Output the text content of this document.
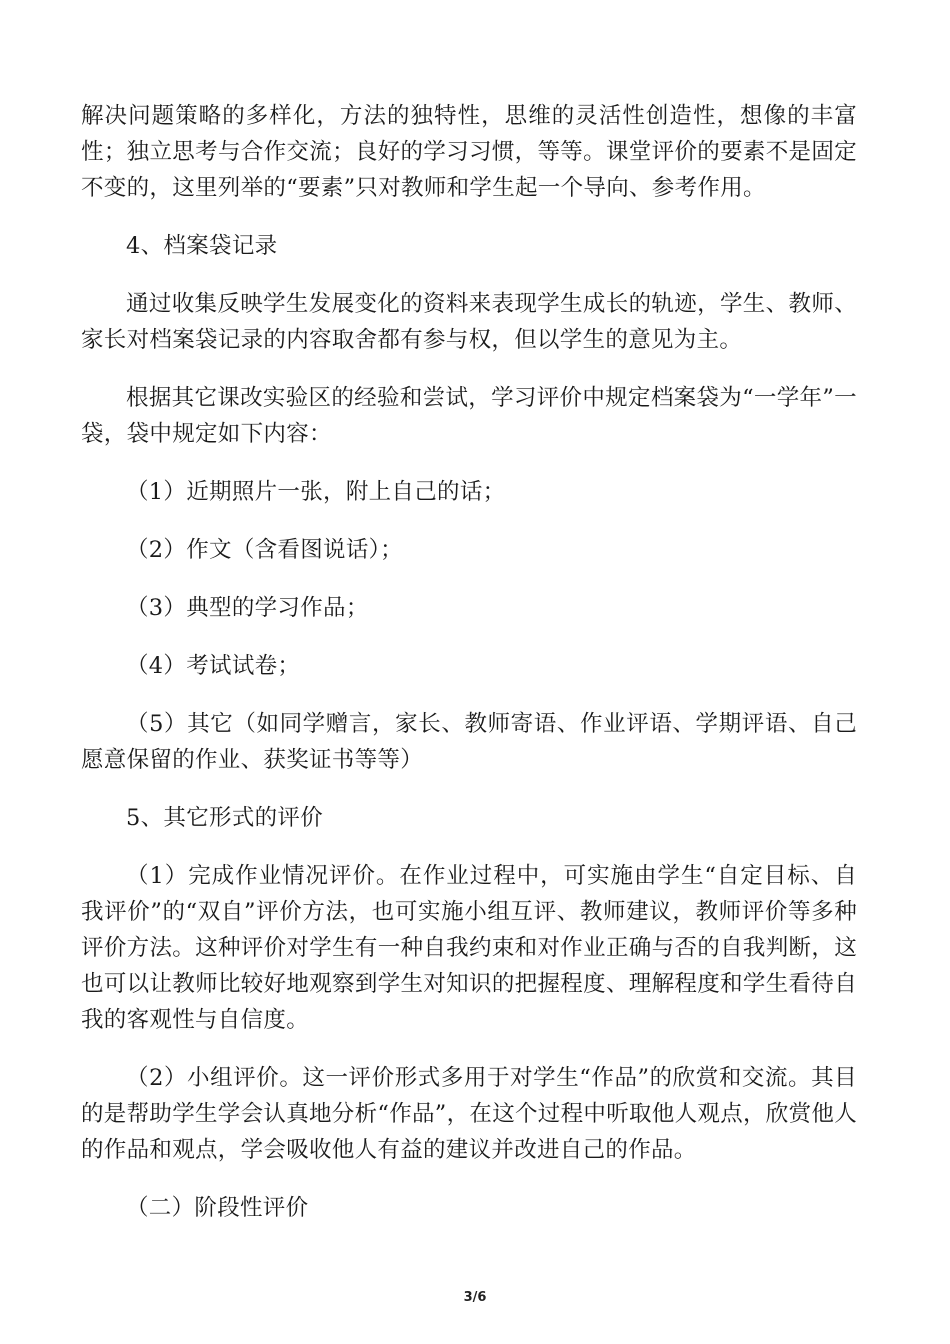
解决问题策略的多样化，方法的独特性，思维的灵活性创造性，想像的丰富性；独立思考与合作交流；良好的学习习惯，等等。课堂评价的要素不是固定不变的，这里列举的“要素”只对教师和学生起一个导向、参考作用。

4、档案袋记录

通过收集反映学生发展变化的资料来表现学生成长的轨迹，学生、教师、家长对档案袋记录的内容取舍都有参与权，但以学生的意见为主。

根据其它课改实验区的经验和尝试，学习评价中规定档案袋为“一学年”一袋，袋中规定如下内容：

（1）近期照片一张，附上自己的话；

（2）作文（含看图说话）；

（3）典型的学习作品；

（4）考试试卷；

（5）其它（如同学赠言，家长、教师寄语、作业评语、学期评语、自己愿意保留的作业、获奖证书等等）

5、其它形式的评价

（1）完成作业情况评价。在作业过程中，可实施由学生“自定目标、自我评价”的“双自”评价方法，也可实施小组互评、教师建议，教师评价等多种评价方法。这种评价对学生有一种自我约束和对作业正确与否的自我判断，这也可以让教师比较好地观察到学生对知识的把握程度、理解程度和学生看待自我的客观性与自信度。

（2）小组评价。这一评价形式多用于对学生“作品”的欣赏和交流。其目的是帮助学生学会认真地分析“作品”，在这个过程中听取他人观点，欣赏他人的作品和观点，学会吸收他人有益的建议并改进自己的作品。

（二）阶段性评价

3/6
